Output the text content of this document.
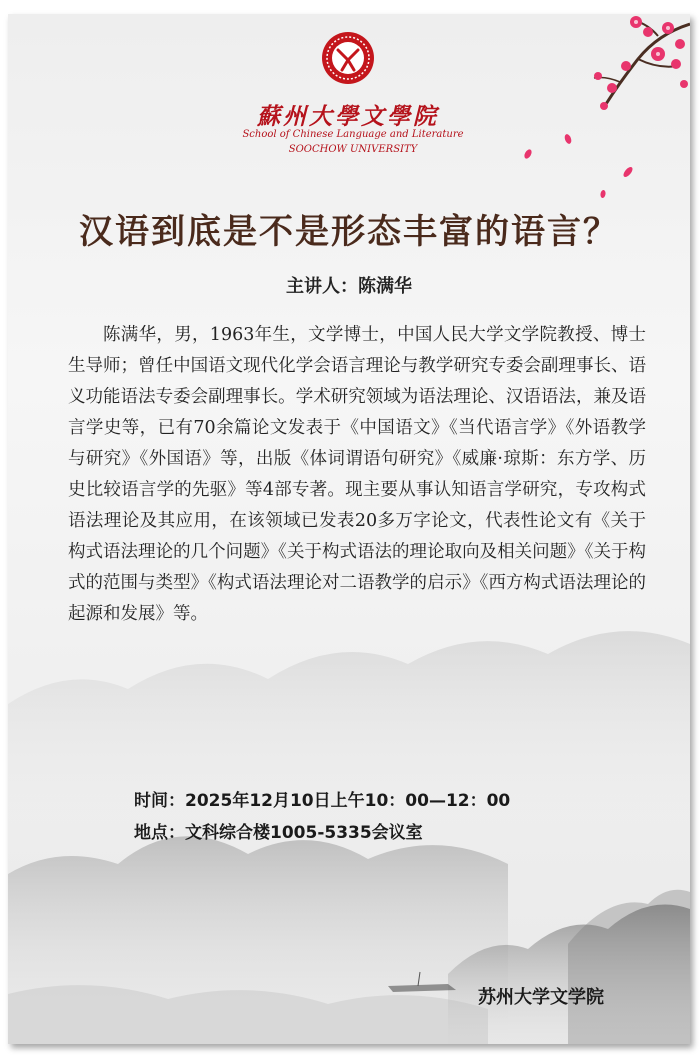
蘇州大學文學院
School of Chinese Language and Literature
SOOCHOW UNIVERSITY
汉语到底是不是形态丰富的语言？
主讲人：陈满华
陈满华，男，1963年生，文学博士，中国人民大学文学院教授、博士生导师；曾任中国语文现代化学会语言理论与教学研究专委会副理事长、语义功能语法专委会副理事长。学术研究领域为语法理论、汉语语法，兼及语言学史等，已有70余篇论文发表于《中国语文》《当代语言学》《外语教学与研究》《外国语》等，出版《体词谓语句研究》《威廉·琼斯：东方学、历史比较语言学的先驱》等4部专著。现主要从事认知语言学研究，专攻构式语法理论及其应用，在该领域已发表20多万字论文，代表性论文有《关于构式语法理论的几个问题》《关于构式语法的理论取向及相关问题》《关于构式的范围与类型》《构式语法理论对二语教学的启示》《西方构式语法理论的起源和发展》等。
时间：2025年12月10日上午10：00—12：00
地点：文科综合楼1005-5335会议室
苏州大学文学院
